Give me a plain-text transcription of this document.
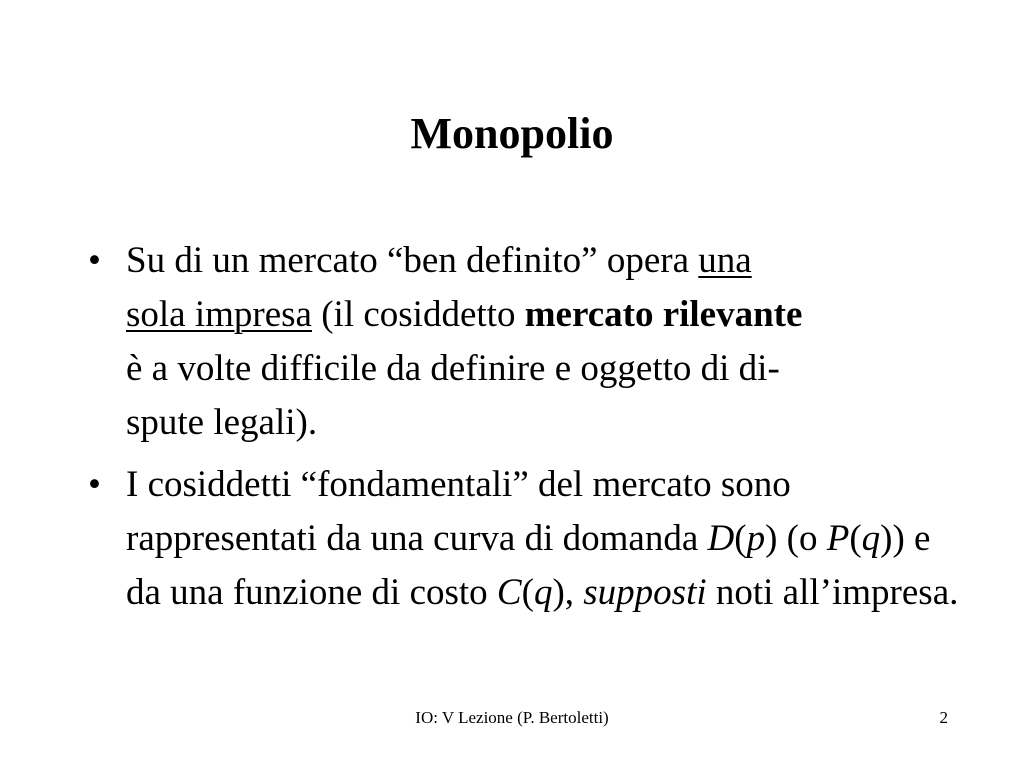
Monopolio
• Su di un mercato “ben definito” opera una
sola impresa (il cosiddetto mercato rilevante
è a volte difficile da definire e oggetto di di-
spute legali).
• I cosiddetti “fondamentali” del mercato sono rappresentati da una curva di domanda D(p) (o P(q)) e da una funzione di costo C(q), supposti noti all’impresa.
IO: V Lezione (P. Bertoletti)	2
